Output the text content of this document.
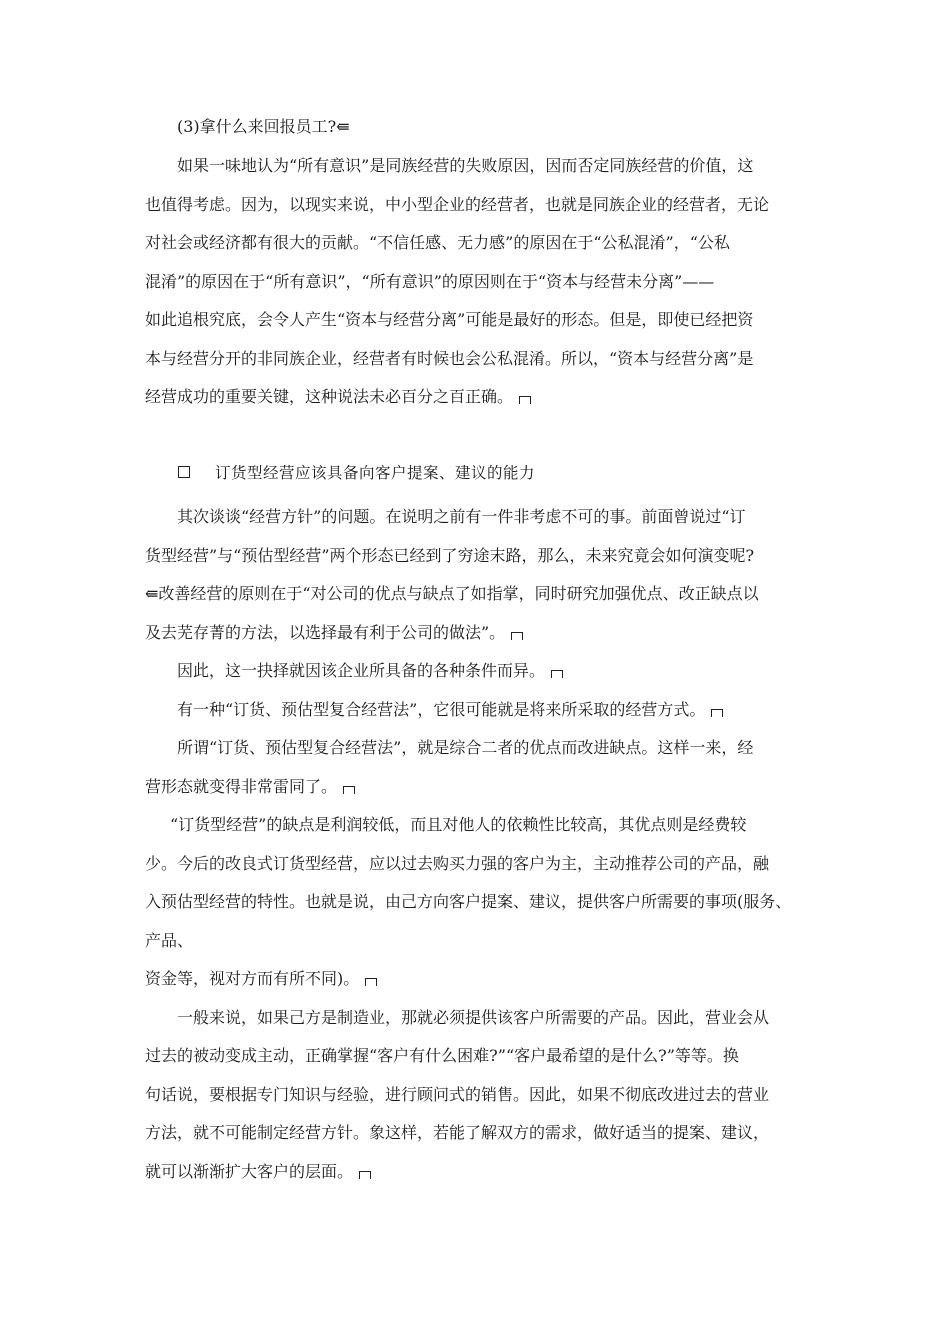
(3)拿什么来回报员工?⇚
如果一味地认为“所有意识”是同族经营的失败原因，因而否定同族经营的价值，这
也值得考虑。因为，以现实来说，中小型企业的经营者，也就是同族企业的经营者，无论
对社会或经济都有很大的贡献。“不信任感、无力感”的原因在于“公私混淆”，“公私
混淆”的原因在于“所有意识”，“所有意识”的原因则在于“资本与经营未分离”——
如此追根究底，会令人产生“资本与经营分离”可能是最好的形态。但是，即使已经把资
本与经营分开的非同族企业，经营者有时候也会公私混淆。所以，“资本与经营分离”是
经营成功的重要关键，这种说法未必百分之百正确。
订货型经营应该具备向客户提案、建议的能力
其次谈谈“经营方针”的问题。在说明之前有一件非考虑不可的事。前面曾说过“订
货型经营”与“预估型经营”两个形态已经到了穷途末路，那么，未来究竟会如何演变呢?
⇚改善经营的原则在于“对公司的优点与缺点了如指掌，同时研究加强优点、改正缺点以
及去芜存菁的方法，以选择最有利于公司的做法”。
因此，这一抉择就因该企业所具备的各种条件而异。
有一种“订货、预估型复合经营法”，它很可能就是将来所采取的经营方式。
所谓“订货、预估型复合经营法”，就是综合二者的优点而改进缺点。这样一来，经
营形态就变得非常雷同了。
“订货型经营”的缺点是利润较低，而且对他人的依赖性比较高，其优点则是经费较
少。今后的改良式订货型经营，应以过去购买力强的客户为主，主动推荐公司的产品，融
入预估型经营的特性。也就是说，由己方向客户提案、建议，提供客户所需要的事项(服务、
产品、
资金等，视对方而有所不同)。
一般来说，如果己方是制造业，那就必须提供该客户所需要的产品。因此，营业会从
过去的被动变成主动，正确掌握“客户有什么困难?”“客户最希望的是什么?”等等。换
句话说，要根据专门知识与经验，进行顾问式的销售。因此，如果不彻底改进过去的营业
方法，就不可能制定经营方针。象这样，若能了解双方的需求，做好适当的提案、建议，
就可以渐渐扩大客户的层面。
